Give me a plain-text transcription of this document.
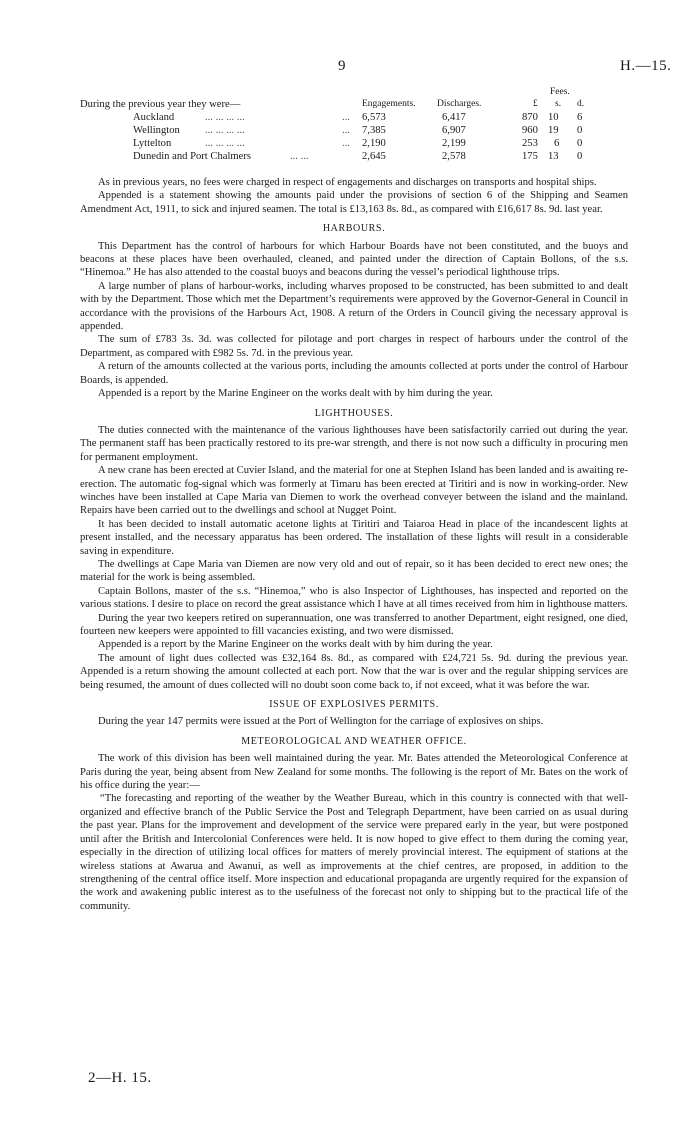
9	H.—15.
During the previous year they were—	Engagements. Discharges.
Fees.
£ s. d.
Auckland	... ... ... ...	... 6,573	6,417	870 10 6
Wellington ... ... ... ...	... 7,385	6,907	960 19 0
Lyttelton	... ... ... ...	... 2,190	2,199	253 6 0
Dunedin and Port Chalmers	... ...	2,645	2,578	175 13 0

As in previous years, no fees were charged in respect of engagements and discharges on transports and hospital ships.

Appended is a statement showing the amounts paid under the provisions of section 6 of the Shipping and Seamen Amendment Act, 1911, to sick and injured seamen. The total is £13,163 8s. 8d., as compared with £16,617 8s. 9d. last year.

HARBOURS.

This Department has the control of harbours for which Harbour Boards have not been constituted, and the buoys and beacons at these places have been overhauled, cleaned, and painted under the direction of Captain Bollons, of the s.s. “Hinemoa.” He has also attended to the coastal buoys and beacons during the vessel’s periodical lighthouse trips.

A large number of plans of harbour-works, including wharves proposed to be constructed, has been submitted to and dealt with by the Department. Those which met the Department’s requirements were approved by the Governor-General in Council in accordance with the provisions of the Harbours Act, 1908. A return of the Orders in Council giving the necessary approval is appended.

The sum of £783 3s. 3d. was collected for pilotage and port charges in respect of harbours under the control of the Department, as compared with £982 5s. 7d. in the previous year.

A return of the amounts collected at the various ports, including the amounts collected at ports under the control of Harbour Boards, is appended.

Appended is a report by the Marine Engineer on the works dealt with by him during the year.

LIGHTHOUSES.

The duties connected with the maintenance of the various lighthouses have been satisfactorily carried out during the year. The permanent staff has been practically restored to its pre-war strength, and there is not now such a difficulty in procuring men for permanent employment.

A new crane has been erected at Cuvier Island, and the material for one at Stephen Island has been landed and is awaiting re-erection. The automatic fog-signal which was formerly at Timaru has been erected at Tiritiri and is now in working-order. New winches have been installed at Cape Maria van Diemen to work the overhead conveyer between the island and the mainland. Repairs have been carried out to the dwellings and school at Nugget Point.

It has been decided to install automatic acetone lights at Tiritiri and Taiaroa Head in place of the incandescent lights at present installed, and the necessary apparatus has been ordered. The installation of these lights will result in a considerable saving in expenditure.

The dwellings at Cape Maria van Diemen are now very old and out of repair, so it has been decided to erect new ones; the material for the work is being assembled.

Captain Bollons, master of the s.s. “Hinemoa,” who is also Inspector of Lighthouses, has inspected and reported on the various stations. I desire to place on record the great assistance which I have at all times received from him in lighthouse matters.

During the year two keepers retired on superannuation, one was transferred to another Department, eight resigned, one died, fourteen new keepers were appointed to fill vacancies existing, and two were dismissed.

Appended is a report by the Marine Engineer on the works dealt with by him during the year.

The amount of light dues collected was £32,164 8s. 8d., as compared with £24,721 5s. 9d. during the previous year. Appended is a return showing the amount collected at each port. Now that the war is over and the regular shipping services are being resumed, the amount of dues collected will no doubt soon come back to, if not exceed, what it was before the war.

ISSUE OF EXPLOSIVES PERMITS.

During the year 147 permits were issued at the Port of Wellington for the carriage of explosives on ships.

METEOROLOGICAL AND WEATHER OFFICE.

The work of this division has been well maintained during the year. Mr. Bates attended the Meteorological Conference at Paris during the year, being absent from New Zealand for some months. The following is the report of Mr. Bates on the work of his office during the year:—

“The forecasting and reporting of the weather by the Weather Bureau, which in this country is connected with that well-organized and effective branch of the Public Service the Post and Telegraph Department, have been carried on as usual during the past year. Plans for the improvement and development of the service were prepared early in the year, but were postponed until after the British and Intercolonial Conferences were held. It is now hoped to give effect to them during the coming year, especially in the direction of utilizing local offices for matters of merely provincial interest. The equipment of stations at the wireless stations at Awarua and Awanui, as well as improvements at the chief centres, are proposed, in addition to the strengthening of the central office itself. More inspection and educational propaganda are urgently required for the expansion of the work and awakening public interest as to the usefulness of the forecast not only to shipping but to the practical life of the community.

2—H. 15.
